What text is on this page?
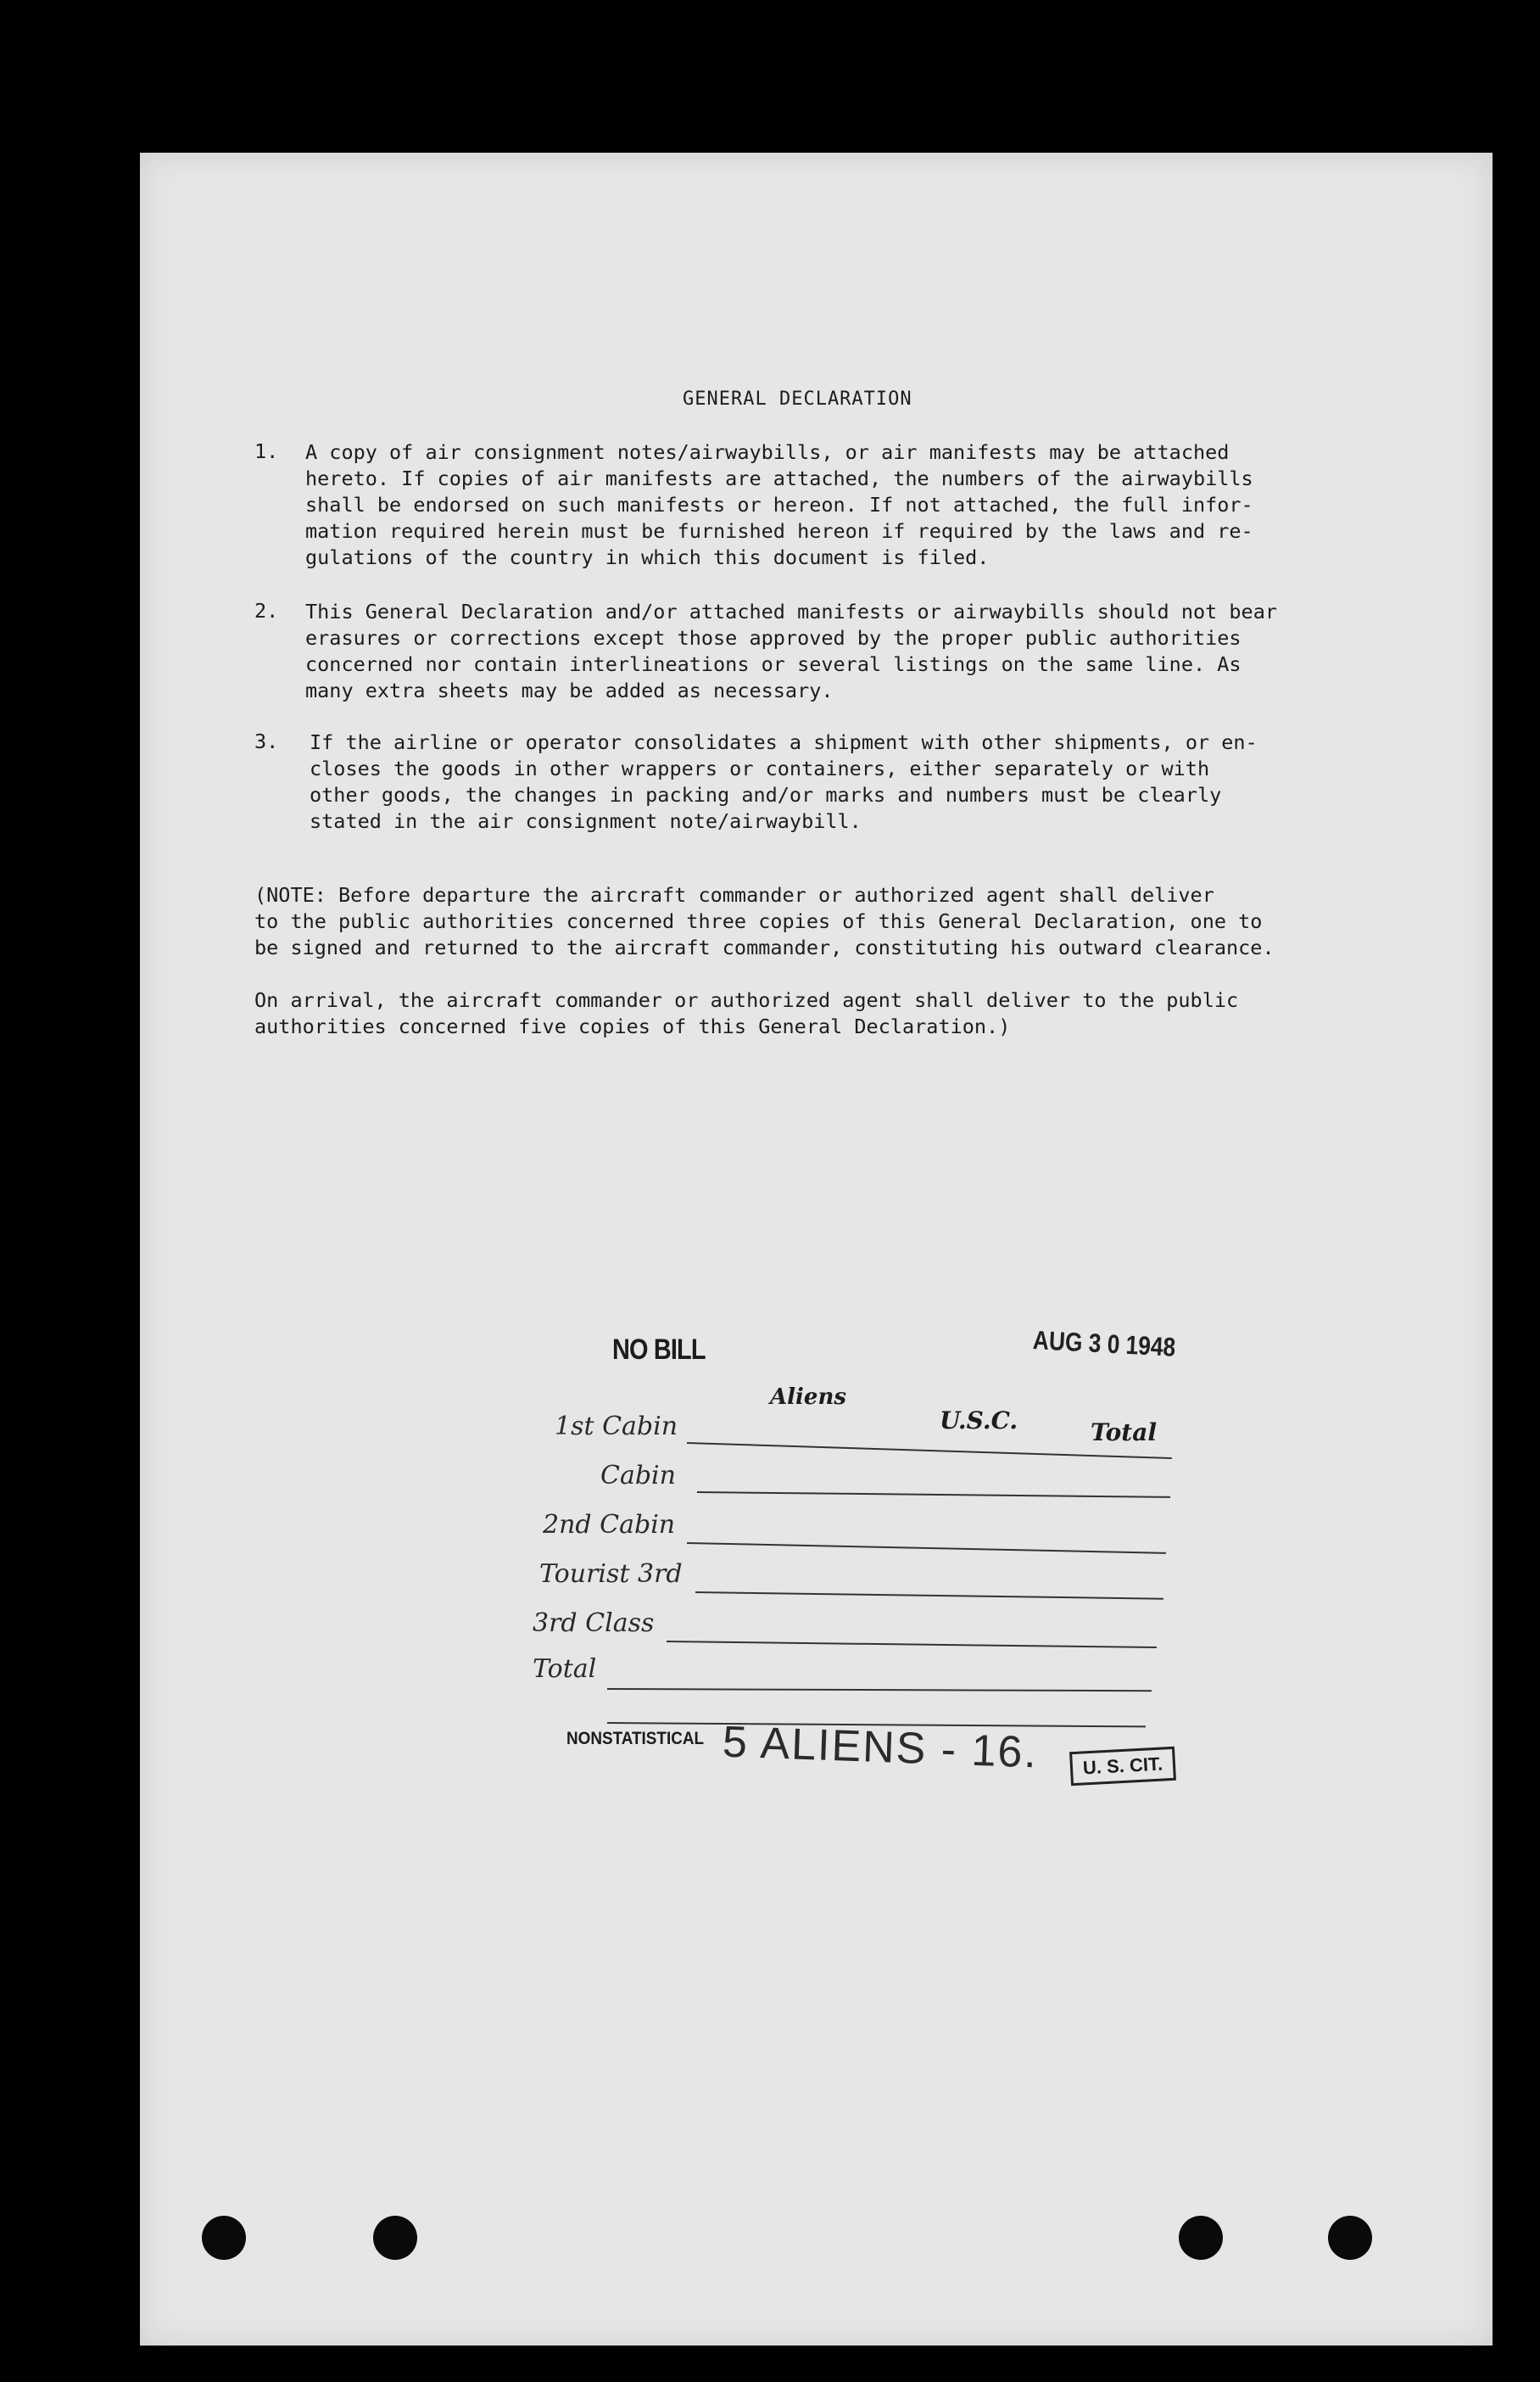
GENERAL DECLARATION
1. A copy of air consignment notes/airwaybills, or air manifests may be attached
hereto. If copies of air manifests are attached, the numbers of the airwaybills
shall be endorsed on such manifests or hereon. If not attached, the full infor-
mation required herein must be furnished hereon if required by the laws and re-
gulations of the country in which this document is filed.
2. This General Declaration and/or attached manifests or airwaybills should not bear
erasures or corrections except those approved by the proper public authorities
concerned nor contain interlineations or several listings on the same line. As
many extra sheets may be added as necessary.
3. If the airline or operator consolidates a shipment with other shipments, or en-
closes the goods in other wrappers or containers, either separately or with
other goods, the changes in packing and/or marks and numbers must be clearly
stated in the air consignment note/airwaybill.
(NOTE: Before departure the aircraft commander or authorized agent shall deliver
to the public authorities concerned three copies of this General Declaration, one to
be signed and returned to the aircraft commander, constituting his outward clearance.
On arrival, the aircraft commander or authorized agent shall deliver to the public
authorities concerned five copies of this General Declaration.)
NO BILL	AUG 3 0 1948
Aliens
U.S.C.	Total
1st Cabin
Cabin
2nd Cabin
Tourist 3rd
3rd Class
Total
NONSTATISTICAL 5 ALIENS - 16.	U. S. CIT.
